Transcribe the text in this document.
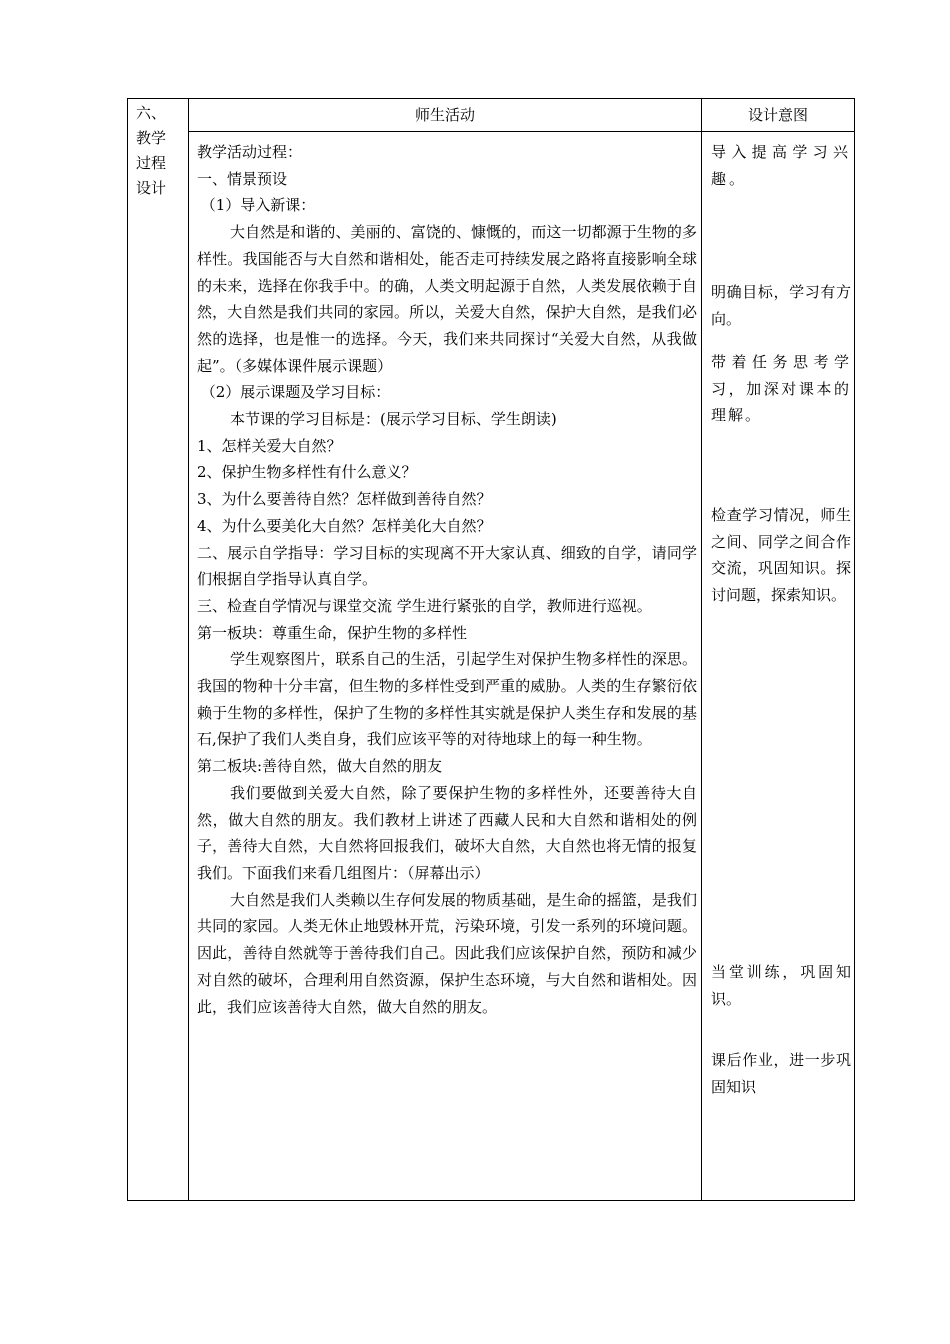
六、
教学
过程
设计
师生活动	设计意图

教学活动过程：

一、情景预设

（1）导入新课：

大自然是和谐的、美丽的、富饶的、慷慨的，而这一切都源于生物的多样性。我国能否与大自然和谐相处，能否走可持续发展之路将直接影响全球的未来，选择在你我手中。的确，人类文明起源于自然，人类发展依赖于自然，大自然是我们共同的家园。所以，关爱大自然，保护大自然，是我们必然的选择，也是惟一的选择。今天，我们来共同探讨“关爱大自然，从我做起”。（多媒体课件展示课题）

（2）展示课题及学习目标：

本节课的学习目标是：(展示学习目标、学生朗读)

1、怎样关爱大自然？

2、保护生物多样性有什么意义？

3、为什么要善待自然？怎样做到善待自然？

4、为什么要美化大自然？怎样美化大自然？

二、展示自学指导：学习目标的实现离不开大家认真、细致的自学，请同学们根据自学指导认真自学。

三、检查自学情况与课堂交流 学生进行紧张的自学，教师进行巡视。

第一板块：尊重生命，保护生物的多样性

学生观察图片，联系自己的生活，引起学生对保护生物多样性的深思。我国的物种十分丰富，但生物的多样性受到严重的威胁。人类的生存繁衍依赖于生物的多样性，保护了生物的多样性其实就是保护人类生存和发展的基石,保护了我们人类自身，我们应该平等的对待地球上的每一种生物。

第二板块:善待自然，做大自然的朋友

我们要做到关爱大自然，除了要保护生物的多样性外，还要善待大自然，做大自然的朋友。我们教材上讲述了西藏人民和大自然和谐相处的例子，善待大自然，大自然将回报我们，破坏大自然，大自然也将无情的报复我们。下面我们来看几组图片：（屏幕出示）

大自然是我们人类赖以生存何发展的物质基础，是生命的摇篮，是我们共同的家园。人类无休止地毁林开荒，污染环境，引发一系列的环境问题。因此，善待自然就等于善待我们自己。因此我们应该保护自然，预防和减少对自然的破坏，合理利用自然资源，保护生态环境，与大自然和谐相处。因此，我们应该善待大自然，做大自然的朋友。

导入提高学习兴趣。
明确目标，学习有方向。
带着任务思考学习，加深对课本的理解。
检查学习情况，师生之间、同学之间合作交流，巩固知识。探讨问题，探索知识。
当堂训练，巩固知识。
课后作业，进一步巩固知识
